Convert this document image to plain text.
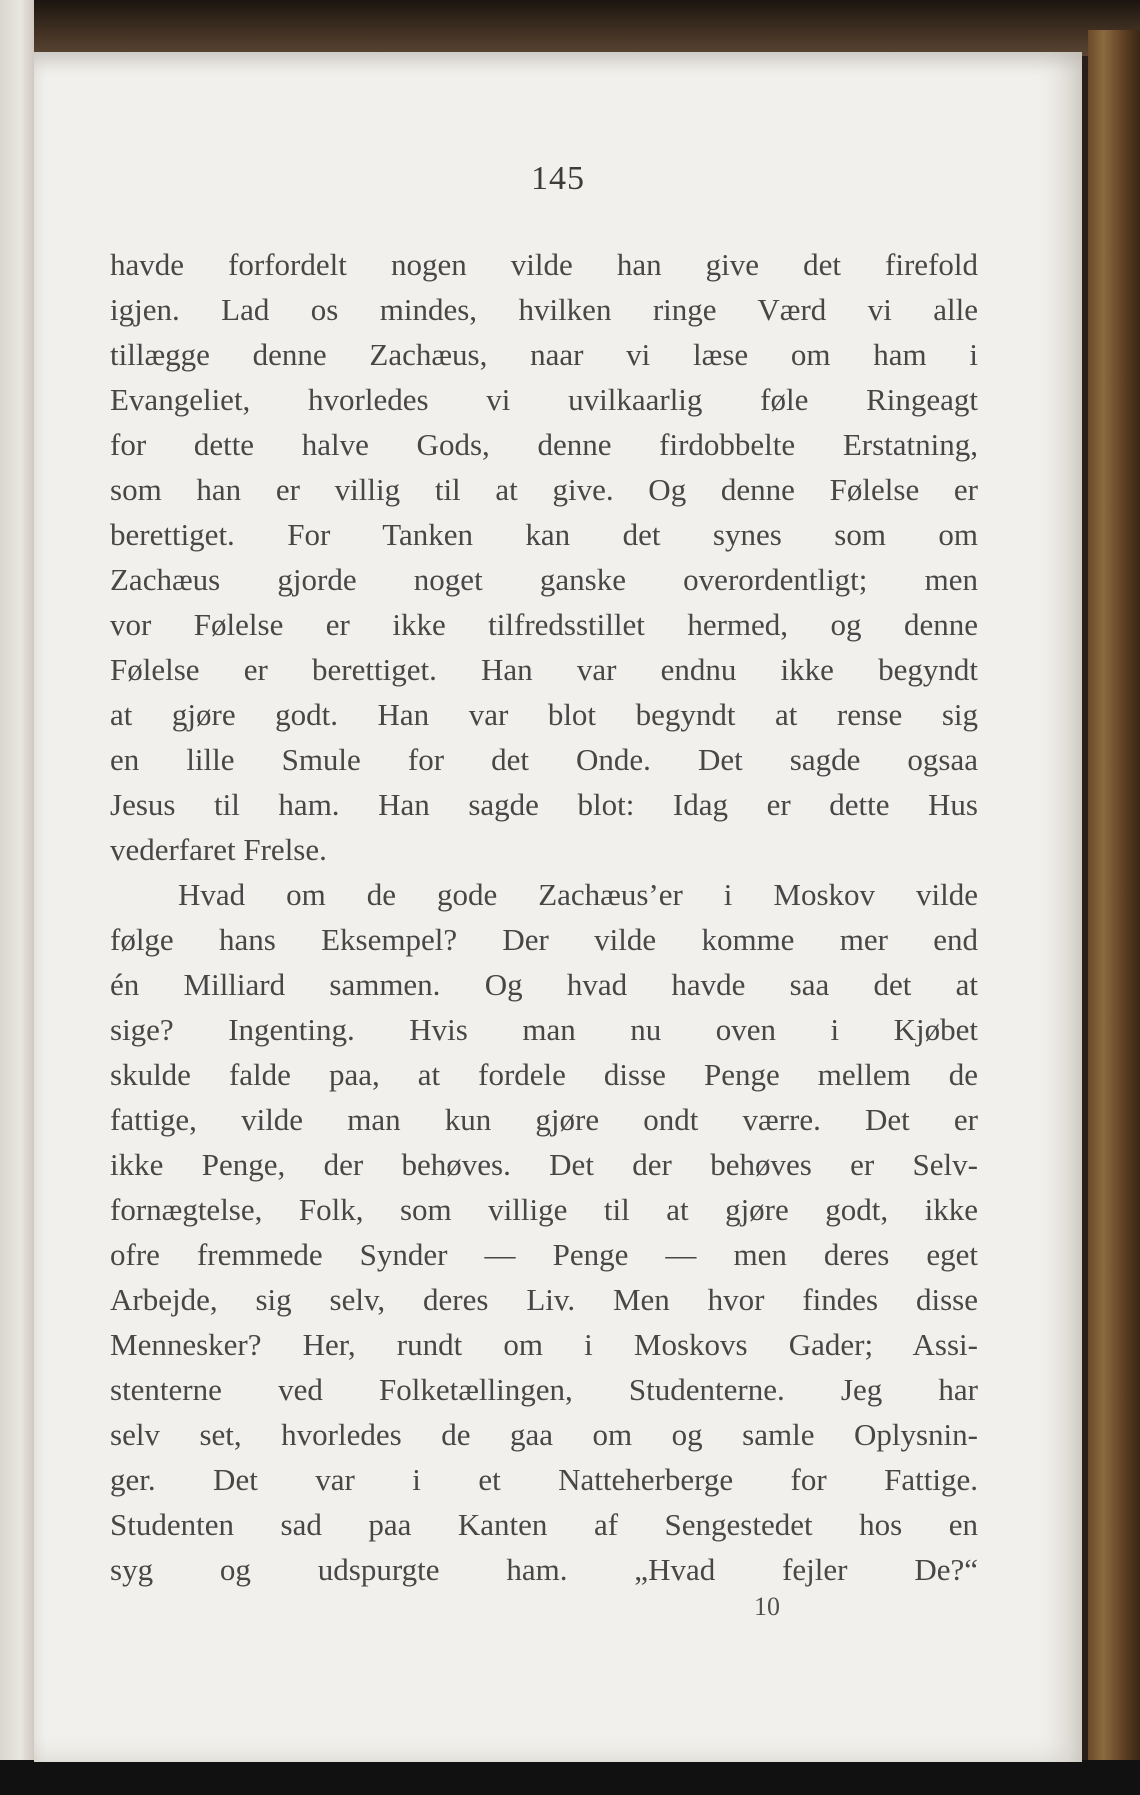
145
havde forfordelt nogen vilde han give det firefold
igjen. Lad os mindes, hvilken ringe Værd vi alle
tillægge denne Zachæus, naar vi læse om ham i
Evangeliet, hvorledes vi uvilkaarlig føle Ringeagt
for dette halve Gods, denne firdobbelte Erstatning,
som han er villig til at give. Og denne Følelse er
berettiget. For Tanken kan det synes som om
Zachæus gjorde noget ganske overordentligt; men
vor Følelse er ikke tilfredsstillet hermed, og denne
Følelse er berettiget. Han var endnu ikke begyndt
at gjøre godt. Han var blot begyndt at rense sig
en lille Smule for det Onde. Det sagde ogsaa
Jesus til ham. Han sagde blot: Idag er dette Hus
vederfaret Frelse.
Hvad om de gode Zachæus’er i Moskov vilde
følge hans Eksempel? Der vilde komme mer end
én Milliard sammen. Og hvad havde saa det at
sige? Ingenting. Hvis man nu oven i Kjøbet
skulde falde paa, at fordele disse Penge mellem de
fattige, vilde man kun gjøre ondt værre. Det er
ikke Penge, der behøves. Det der behøves er Selv-
fornægtelse, Folk, som villige til at gjøre godt, ikke
ofre fremmede Synder — Penge — men deres eget
Arbejde, sig selv, deres Liv. Men hvor findes disse
Mennesker? Her, rundt om i Moskovs Gader; Assi-
stenterne ved Folketællingen, Studenterne. Jeg har
selv set, hvorledes de gaa om og samle Oplysnin-
ger. Det var i et Natteherberge for Fattige.
Studenten sad paa Kanten af Sengestedet hos en
syg og udspurgte ham. „Hvad fejler De?“
10
